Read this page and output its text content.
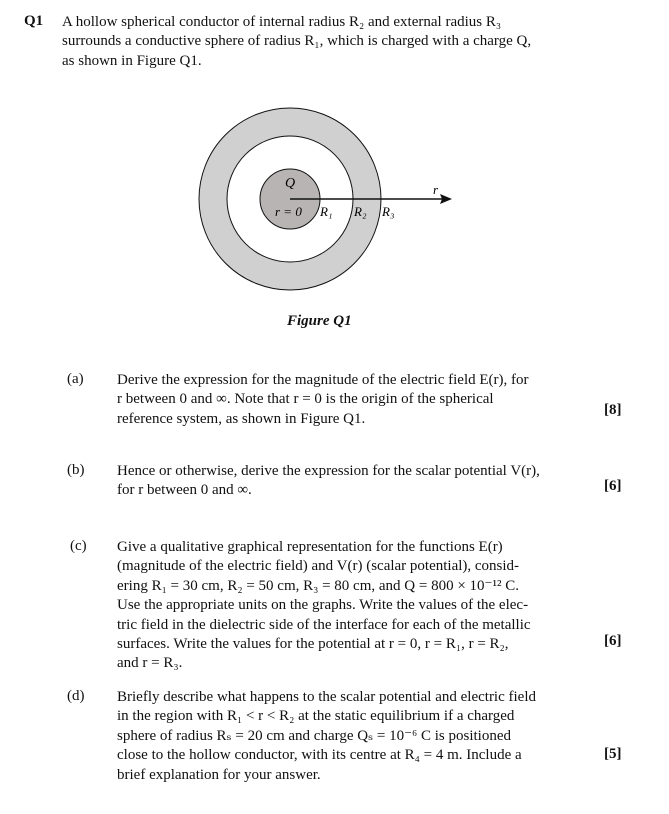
Q1 A hollow spherical conductor of internal radius R₂ and external radius R₃
surrounds a conductive sphere of radius R₁, which is charged with a charge Q,
as shown in Figure Q1.
Q
r = 0 R₁ R₂ R₃
r
Figure Q1
(a) Derive the expression for the magnitude of the electric field E(r), for
r between 0 and ∞. Note that r = 0 is the origin of the spherical
reference system, as shown in Figure Q1.
[8]
(b) Hence or otherwise, derive the expression for the scalar potential V(r),
for r between 0 and ∞.	[6]
(c) Give a qualitative graphical representation for the functions E(r)
(magnitude of the electric field) and V(r) (scalar potential), consid-
ering R₁ = 30 cm, R₂ = 50 cm, R₃ = 80 cm, and Q = 800 × 10⁻¹² C.
Use the appropriate units on the graphs. Write the values of the elec-
tric field in the dielectric side of the interface for each of the metallic
surfaces. Write the values for the potential at r = 0, r = R₁, r = R₂,
and r = R₃.
[6]
(d) Briefly describe what happens to the scalar potential and electric field
in the region with R₁ < r < R₂ at the static equilibrium if a charged
sphere of radius Rₛ = 20 cm and charge Qₛ = 10⁻⁶ C is positioned
close to the hollow conductor, with its centre at R₄ = 4 m. Include a
brief explanation for your answer.
[5]
